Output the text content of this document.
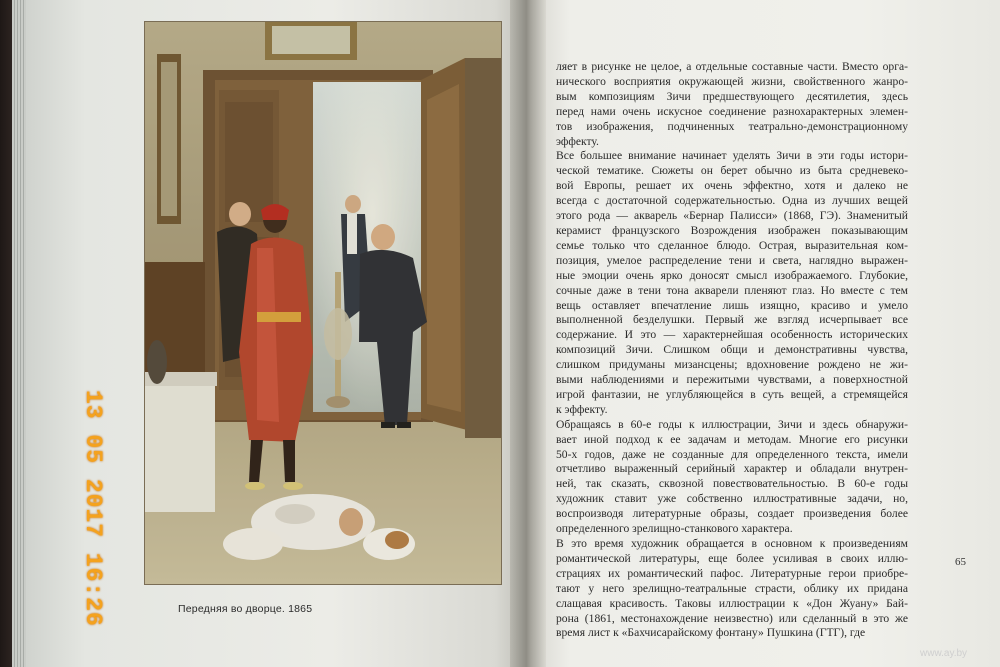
Передняя во дворце. 1865
ляет в рисунке не целое, а отдельные составные части. Вместо орга-
нического восприятия окружающей жизни, свойственного жанро-
вым композициям Зичи предшествующего десятилетия, здесь
перед нами очень искусное соединение разнохарактерных элемен-
тов изображения, подчиненных театрально-демонстрационному
эффекту.
Все большее внимание начинает уделять Зичи в эти годы истори-
ческой тематике. Сюжеты он берет обычно из быта средневеко-
вой Европы, решает их очень эффектно, хотя и далеко не
всегда с достаточной содержательностью. Одна из лучших вещей
этого рода — акварель «Бернар Палисси» (1868, ГЭ). Знаменитый
керамист французского Возрождения изображен показывающим
семье только что сделанное блюдо. Острая, выразительная ком-
позиция, умелое распределение тени и света, наглядно выражен-
ные эмоции очень ярко доносят смысл изображаемого. Глубокие,
сочные даже в тени тона акварели пленяют глаз. Но вместе с тем
вещь оставляет впечатление лишь изящно, красиво и умело
выполненной безделушки. Первый же взгляд исчерпывает все
содержание. И это — характернейшая особенность исторических
композиций Зичи. Слишком общи и демонстративны чувства,
слишком придуманы мизансцены; вдохновение рождено не жи-
выми наблюдениями и пережитыми чувствами, а поверхностной
игрой фантазии, не углубляющейся в суть вещей, а стремящейся
к эффекту.
Обращаясь в 60-е годы к иллюстрации, Зичи и здесь обнаружи-
вает иной подход к ее задачам и методам. Многие его рисунки
50-х годов, даже не созданные для определенного текста, имели
отчетливо выраженный серийный характер и обладали внутрен-
ней, так сказать, сквозной повествовательностью. В 60-е годы
художник ставит уже собственно иллюстративные задачи, но,
воспроизводя литературные образы, создает произведения более
определенного зрелищно-станкового характера.
В это время художник обращается в основном к произведениям
романтической литературы, еще более усиливая в своих иллю-
страциях их романтический пафос. Литературные герои приобре-
тают у него зрелищно-театральные страсти, облику их придана
слащавая красивость. Таковы иллюстрации к «Дон Жуану» Бай-
рона (1861, местонахождение неизвестно) или сделанный в это же
время лист к «Бахчисарайскому фонтану» Пушкина (ГТГ), где
65
13 05 2017 16:26
www.ay.by
